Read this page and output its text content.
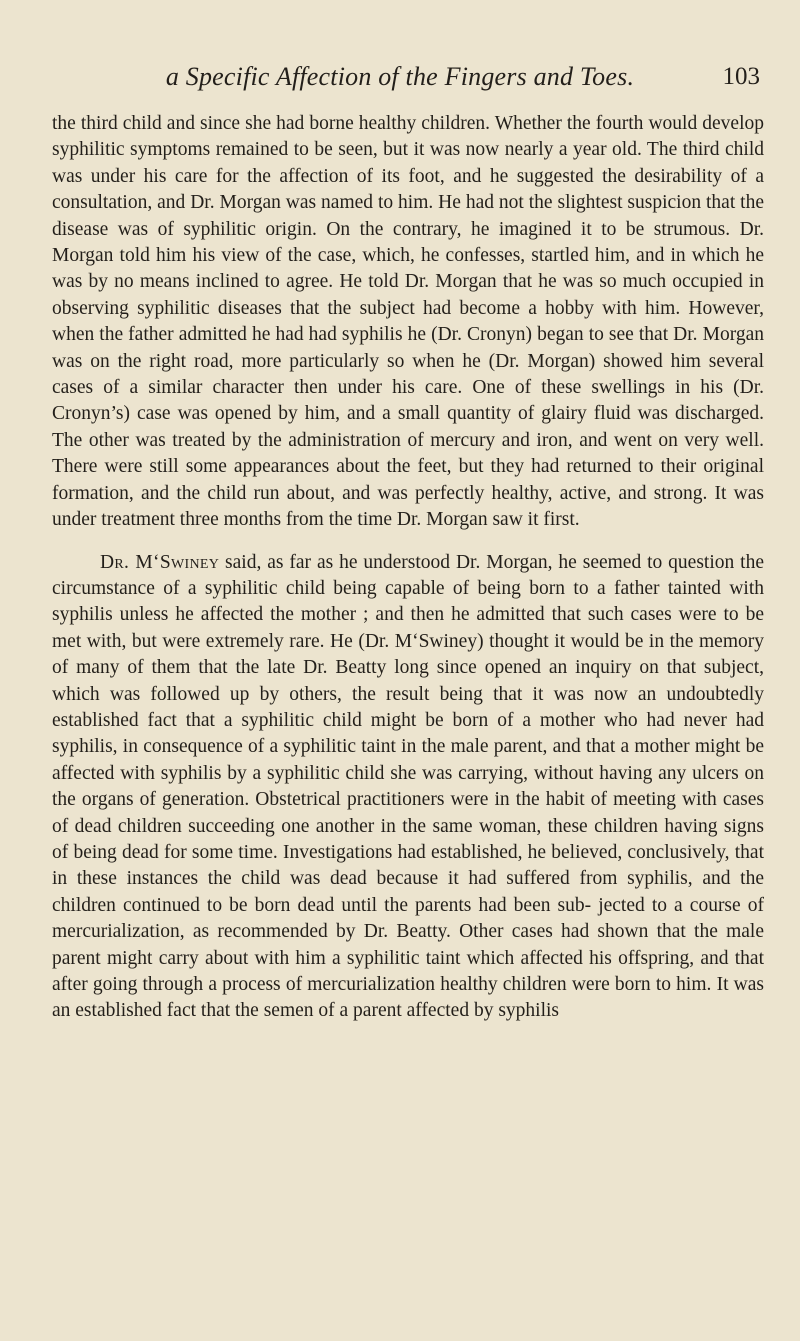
a Specific Affection of the Fingers and Toes.	103

the third child and since she had borne healthy children. Whether the fourth would develop syphilitic symptoms remained to be seen, but it was now nearly a year old. The third child was under his care for the affection of its foot, and he suggested the desirability of a consultation, and Dr. Morgan was named to him. He had not the slightest suspicion that the disease was of syphilitic origin. On the contrary, he imagined it to be strumous. Dr. Morgan told him his view of the case, which, he confesses, startled him, and in which he was by no means inclined to agree. He told Dr. Morgan that he was so much occupied in observing syphilitic diseases that the subject had become a hobby with him. However, when the father admitted he had had syphilis he (Dr. Cronyn) began to see that Dr. Morgan was on the right road, more particularly so when he (Dr. Morgan) showed him several cases of a similar character then under his care. One of these swellings in his (Dr. Cronyn’s) case was opened by him, and a small quantity of glairy fluid was discharged. The other was treated by the administration of mercury and iron, and went on very well. There were still some appearances about the feet, but they had returned to their original formation, and the child run about, and was perfectly healthy, active, and strong. It was under treatment three months from the time Dr. Morgan saw it first.

Dr. M‘Swiney said, as far as he understood Dr. Morgan, he seemed to question the circumstance of a syphilitic child being capable of being born to a father tainted with syphilis unless he affected the mother ; and then he admitted that such cases were to be met with, but were extremely rare. He (Dr. M‘Swiney) thought it would be in the memory of many of them that the late Dr. Beatty long since opened an inquiry on that subject, which was followed up by others, the result being that it was now an undoubtedly established fact that a syphilitic child might be born of a mother who had never had syphilis, in consequence of a syphilitic taint in the male parent, and that a mother might be affected with syphilis by a syphilitic child she was carrying, without having any ulcers on the organs of generation. Obstetrical practitioners were in the habit of meeting with cases of dead children succeeding one another in the same woman, these children having signs of being dead for some time. Investigations had established, he believed, conclusively, that in these instances the child was dead because it had suffered from syphilis, and the children continued to be born dead until the parents had been sub- jected to a course of mercurialization, as recommended by Dr. Beatty. Other cases had shown that the male parent might carry about with him a syphilitic taint which affected his offspring, and that after going through a process of mercurialization healthy children were born to him. It was an established fact that the semen of a parent affected by syphilis
